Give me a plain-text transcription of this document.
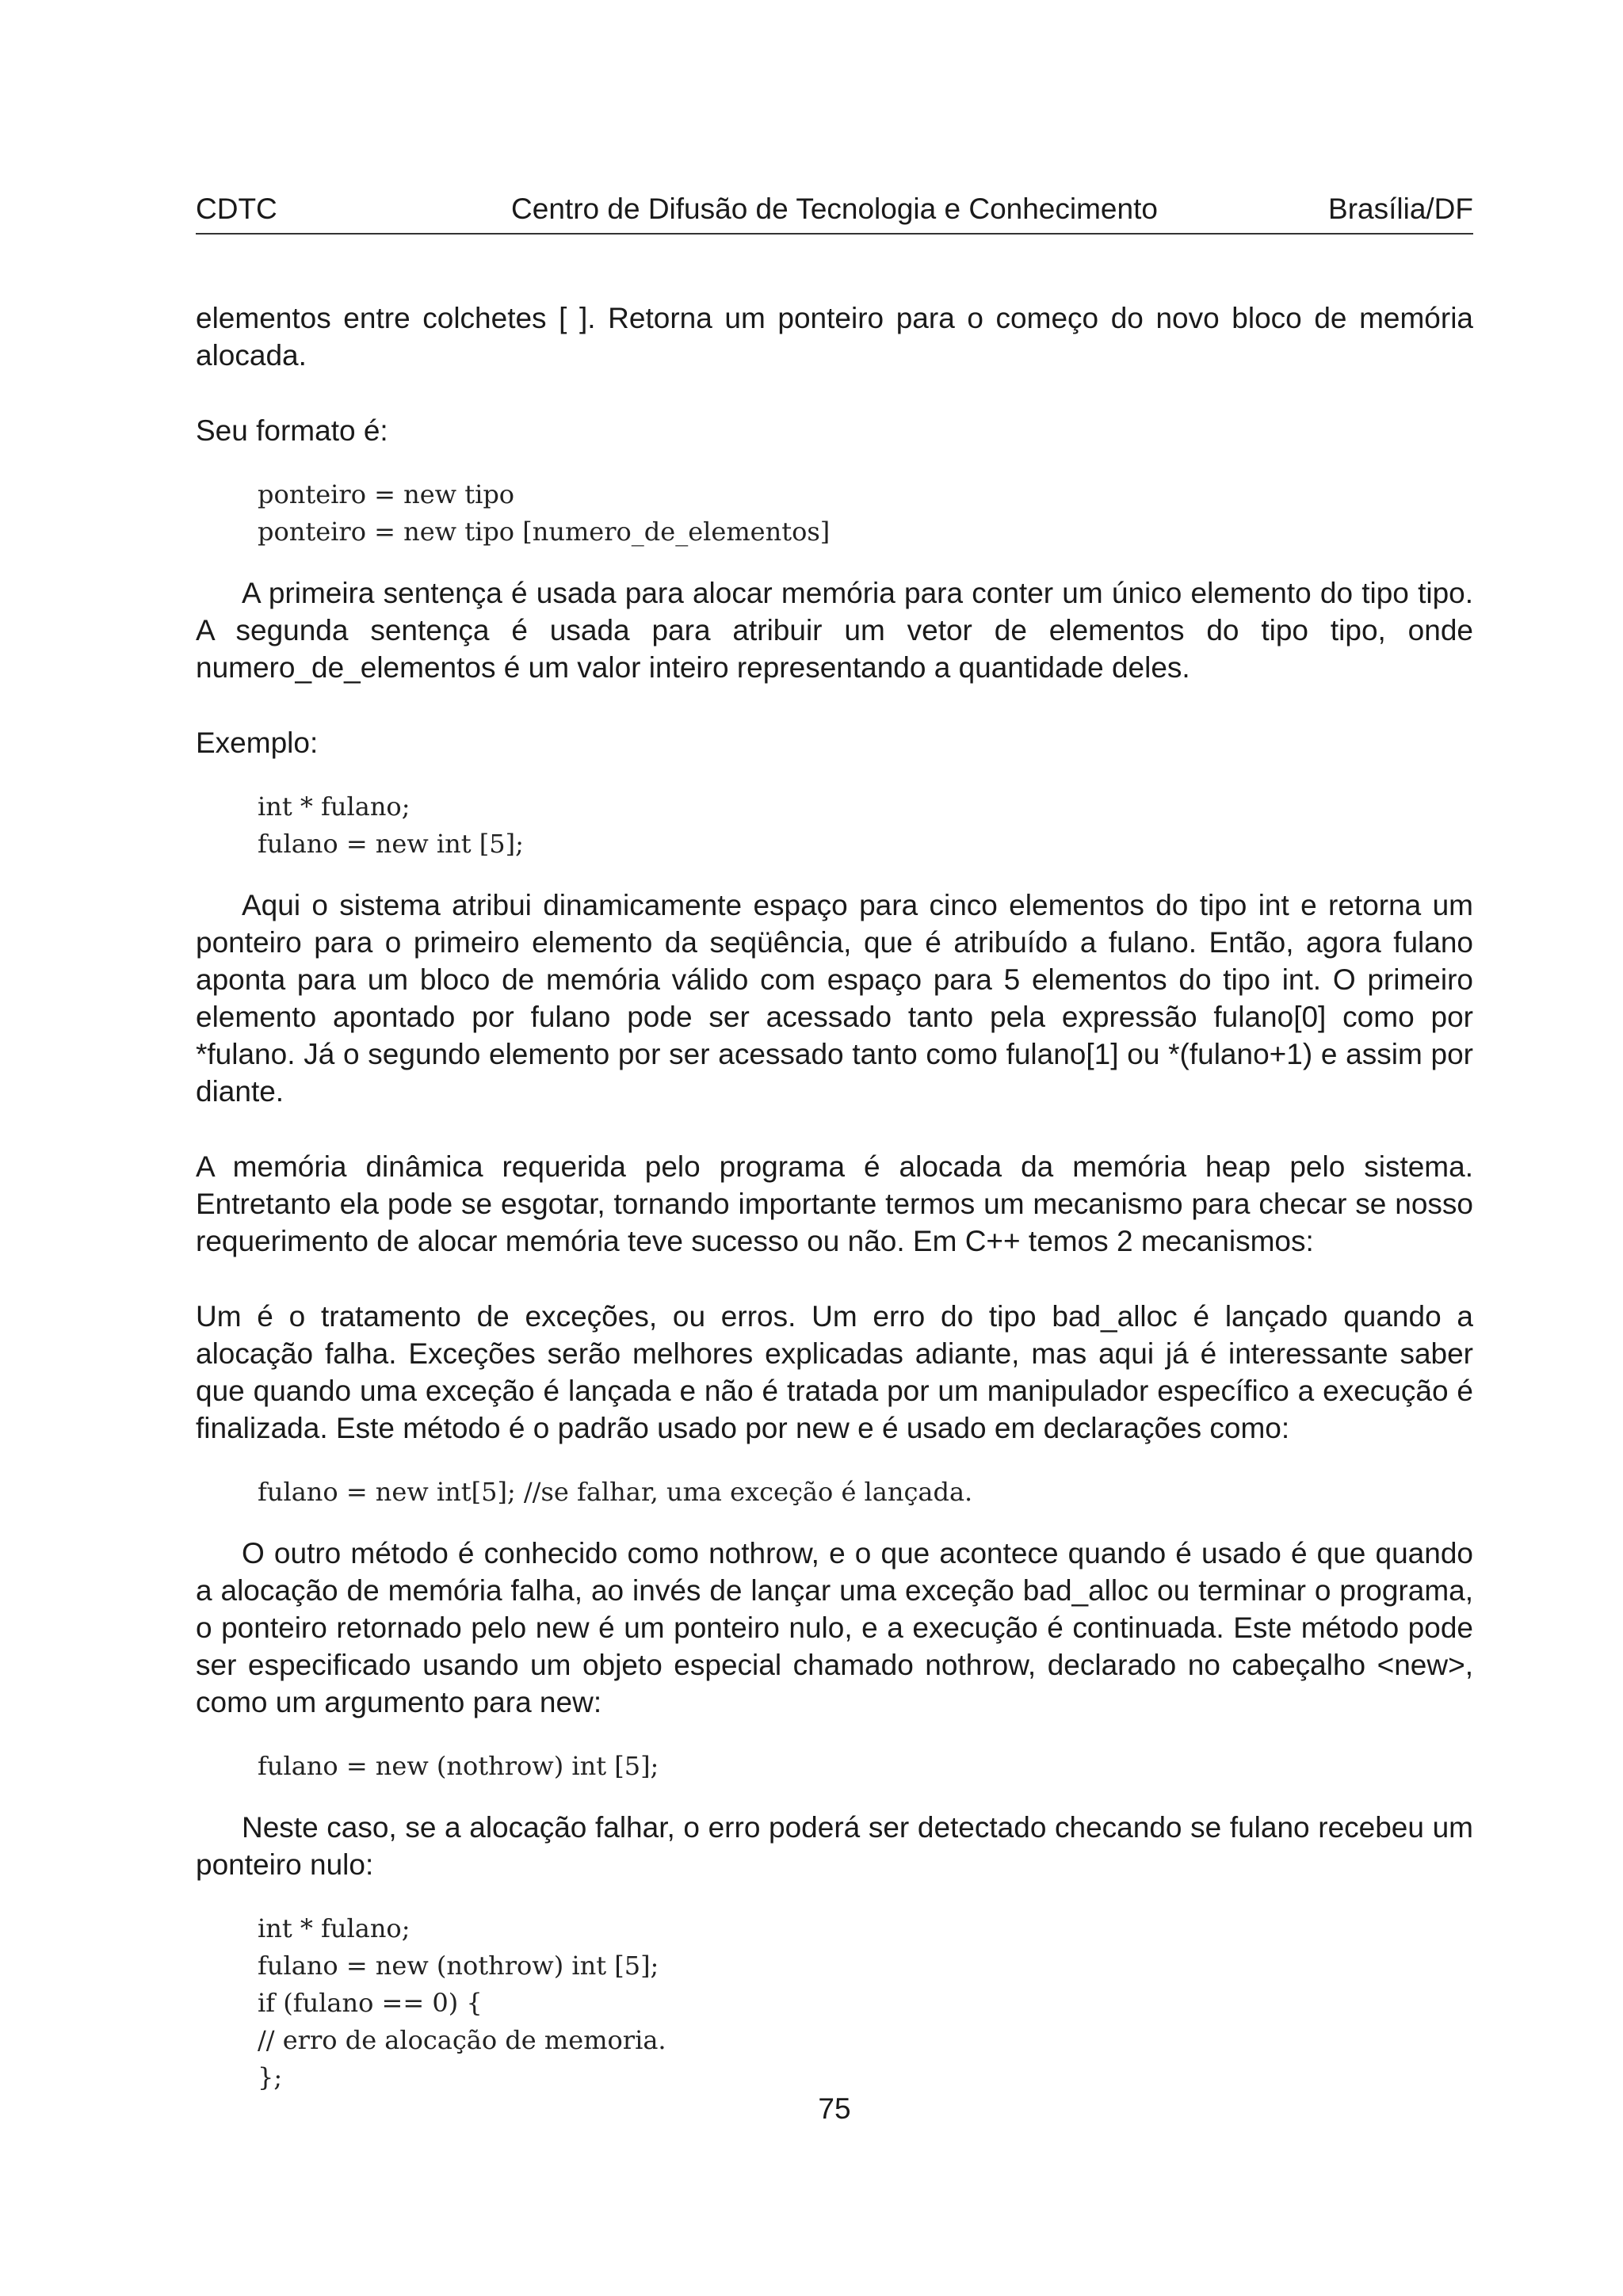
CDTC	Centro de Difusão de Tecnologia e Conhecimento	Brasília/DF

elementos entre colchetes [ ]. Retorna um ponteiro para o começo do novo bloco de memória alocada.

Seu formato é:

ponteiro = new tipo
ponteiro = new tipo [numero_de_elementos]

A primeira sentença é usada para alocar memória para conter um único elemento do tipo tipo. A segunda sentença é usada para atribuir um vetor de elementos do tipo tipo, onde numero_de_elementos é um valor inteiro representando a quantidade deles.

Exemplo:

int * fulano;
fulano = new int [5];

Aqui o sistema atribui dinamicamente espaço para cinco elementos do tipo int e retorna um ponteiro para o primeiro elemento da seqüência, que é atribuído a fulano. Então, agora fulano aponta para um bloco de memória válido com espaço para 5 elementos do tipo int. O primeiro elemento apontado por fulano pode ser acessado tanto pela expressão fulano[0] como por *fulano. Já o segundo elemento por ser acessado tanto como fulano[1] ou *(fulano+1) e assim por diante.

A memória dinâmica requerida pelo programa é alocada da memória heap pelo sistema. Entretanto ela pode se esgotar, tornando importante termos um mecanismo para checar se nosso requerimento de alocar memória teve sucesso ou não. Em C++ temos 2 mecanismos:

Um é o tratamento de exceções, ou erros. Um erro do tipo bad_alloc é lançado quando a alocação falha. Exceções serão melhores explicadas adiante, mas aqui já é interessante saber que quando uma exceção é lançada e não é tratada por um manipulador específico a execução é finalizada. Este método é o padrão usado por new e é usado em declarações como:

fulano = new int[5]; //se falhar, uma exceção é lançada.

O outro método é conhecido como nothrow, e o que acontece quando é usado é que quando a alocação de memória falha, ao invés de lançar uma exceção bad_alloc ou terminar o programa, o ponteiro retornado pelo new é um ponteiro nulo, e a execução é continuada. Este método pode ser especificado usando um objeto especial chamado nothrow, declarado no cabeçalho <new>, como um argumento para new:

fulano = new (nothrow) int [5];

Neste caso, se a alocação falhar, o erro poderá ser detectado checando se fulano recebeu um ponteiro nulo:

int * fulano;
fulano = new (nothrow) int [5];
if (fulano == 0) {
// erro de alocação de memoria.
};
75
